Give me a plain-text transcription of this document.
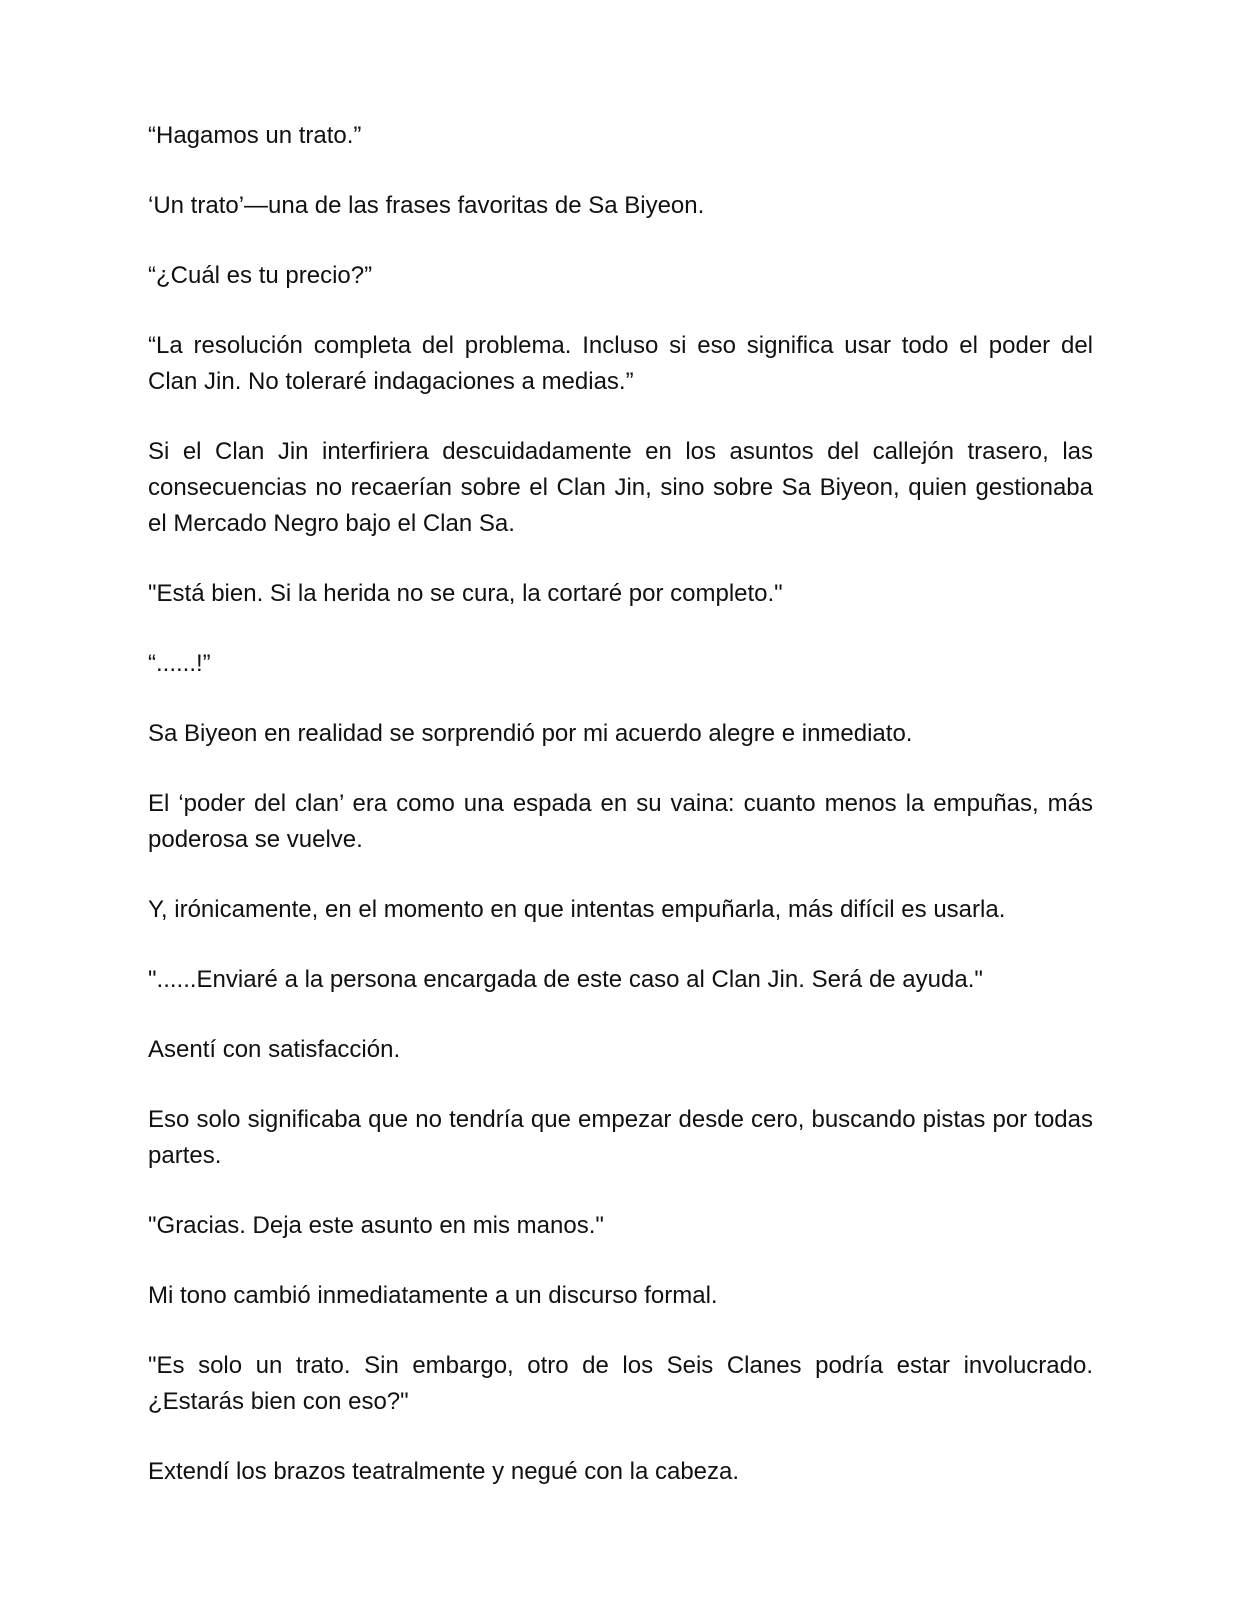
“Hagamos un trato.”

‘Un trato’—una de las frases favoritas de Sa Biyeon.

“¿Cuál es tu precio?”

“La resolución completa del problema. Incluso si eso significa usar todo el poder del Clan Jin. No toleraré indagaciones a medias.”

Si el Clan Jin interfiriera descuidadamente en los asuntos del callejón trasero, las consecuencias no recaerían sobre el Clan Jin, sino sobre Sa Biyeon, quien gestionaba el Mercado Negro bajo el Clan Sa.

"Está bien. Si la herida no se cura, la cortaré por completo."

“......!”

Sa Biyeon en realidad se sorprendió por mi acuerdo alegre e inmediato.

El ‘poder del clan’ era como una espada en su vaina: cuanto menos la empuñas, más poderosa se vuelve.

Y, irónicamente, en el momento en que intentas empuñarla, más difícil es usarla.

"......Enviaré a la persona encargada de este caso al Clan Jin. Será de ayuda."

Asentí con satisfacción.

Eso solo significaba que no tendría que empezar desde cero, buscando pistas por todas partes.

"Gracias. Deja este asunto en mis manos."

Mi tono cambió inmediatamente a un discurso formal.

"Es solo un trato. Sin embargo, otro de los Seis Clanes podría estar involucrado. ¿Estarás bien con eso?"

Extendí los brazos teatralmente y negué con la cabeza.
